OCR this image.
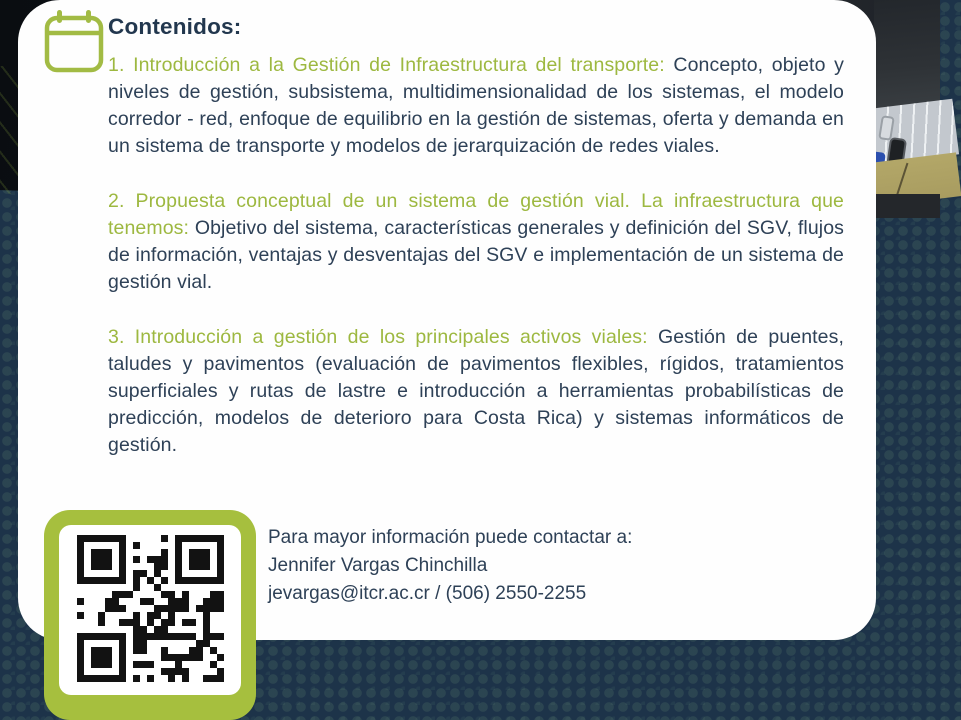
Contenidos:

1. Introducción a la Gestión de Infraestructura del transporte: Concepto, objeto y niveles de gestión, subsistema, multidimensionalidad de los sistemas, el modelo corredor - red, enfoque de equilibrio en la gestión de sistemas, oferta y demanda en un sistema de transporte y modelos de jerarquización de redes viales.

2. Propuesta conceptual de un sistema de gestión vial. La infraestructura que tenemos: Objetivo del sistema, características generales y definición del SGV, flujos de información, ventajas y desventajas del SGV e implementación de un sistema de gestión vial.

3. Introducción a gestión de los principales activos viales: Gestión de puentes, taludes y pavimentos (evaluación de pavimentos flexibles, rígidos, tratamientos superficiales y rutas de lastre e introducción a herramientas probabilísticas de predicción, modelos de deterioro para Costa Rica) y sistemas informáticos de gestión.

Para mayor información puede contactar a:
Jennifer Vargas Chinchilla
jevargas@itcr.ac.cr / (506) 2550-2255
